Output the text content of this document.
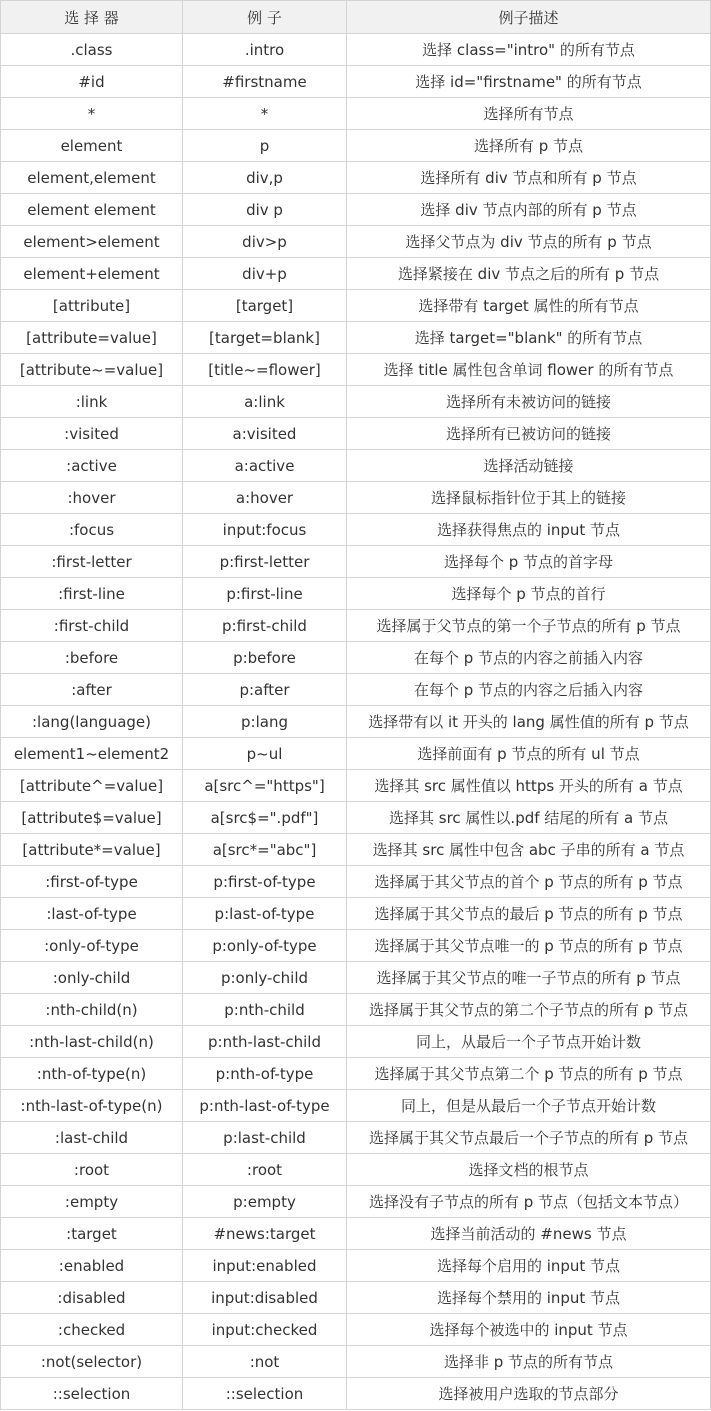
选 择 器	例 子	例子描述
.class	.intro	选择 class="intro" 的所有节点
#id	#firstname	选择 id="firstname" 的所有节点
*	*	选择所有节点
element	p	选择所有 p 节点
element,element	div,p	选择所有 div 节点和所有 p 节点
element element	div p	选择 div 节点内部的所有 p 节点
element>element	div>p	选择父节点为 div 节点的所有 p 节点
element+element	div+p	选择紧接在 div 节点之后的所有 p 节点
[attribute]	[target]	选择带有 target 属性的所有节点
[attribute=value]	[target=blank]	选择 target="blank" 的所有节点
[attribute~=value]	[title~=flower]	选择 title 属性包含单词 flower 的所有节点
:link	a:link	选择所有未被访问的链接
:visited	a:visited	选择所有已被访问的链接
:active	a:active	选择活动链接
:hover	a:hover	选择鼠标指针位于其上的链接
:focus	input:focus	选择获得焦点的 input 节点
:first-letter	p:first-letter	选择每个 p 节点的首字母
:first-line	p:first-line	选择每个 p 节点的首行
:first-child	p:first-child	选择属于父节点的第一个子节点的所有 p 节点
:before	p:before	在每个 p 节点的内容之前插入内容
:after	p:after	在每个 p 节点的内容之后插入内容
:lang(language)	p:lang	选择带有以 it 开头的 lang 属性值的所有 p 节点
element1~element2	p~ul	选择前面有 p 节点的所有 ul 节点
[attribute^=value]	a[src^="https"]	选择其 src 属性值以 https 开头的所有 a 节点
[attribute$=value]	a[src$=".pdf"]	选择其 src 属性以.pdf 结尾的所有 a 节点
[attribute*=value]	a[src*="abc"]	选择其 src 属性中包含 abc 子串的所有 a 节点
:first-of-type	p:first-of-type	选择属于其父节点的首个 p 节点的所有 p 节点
:last-of-type	p:last-of-type	选择属于其父节点的最后 p 节点的所有 p 节点
:only-of-type	p:only-of-type	选择属于其父节点唯一的 p 节点的所有 p 节点
:only-child	p:only-child	选择属于其父节点的唯一子节点的所有 p 节点
:nth-child(n)	p:nth-child	选择属于其父节点的第二个子节点的所有 p 节点
:nth-last-child(n)	p:nth-last-child	同上，从最后一个子节点开始计数
:nth-of-type(n)	p:nth-of-type	选择属于其父节点第二个 p 节点的所有 p 节点
:nth-last-of-type(n)	p:nth-last-of-type	同上，但是从最后一个子节点开始计数
:last-child	p:last-child	选择属于其父节点最后一个子节点的所有 p 节点
:root	:root	选择文档的根节点
:empty	p:empty	选择没有子节点的所有 p 节点（包括文本节点）
:target	#news:target	选择当前活动的 #news 节点
:enabled	input:enabled	选择每个启用的 input 节点
:disabled	input:disabled	选择每个禁用的 input 节点
:checked	input:checked	选择每个被选中的 input 节点
:not(selector)	:not	选择非 p 节点的所有节点
::selection	::selection	选择被用户选取的节点部分
